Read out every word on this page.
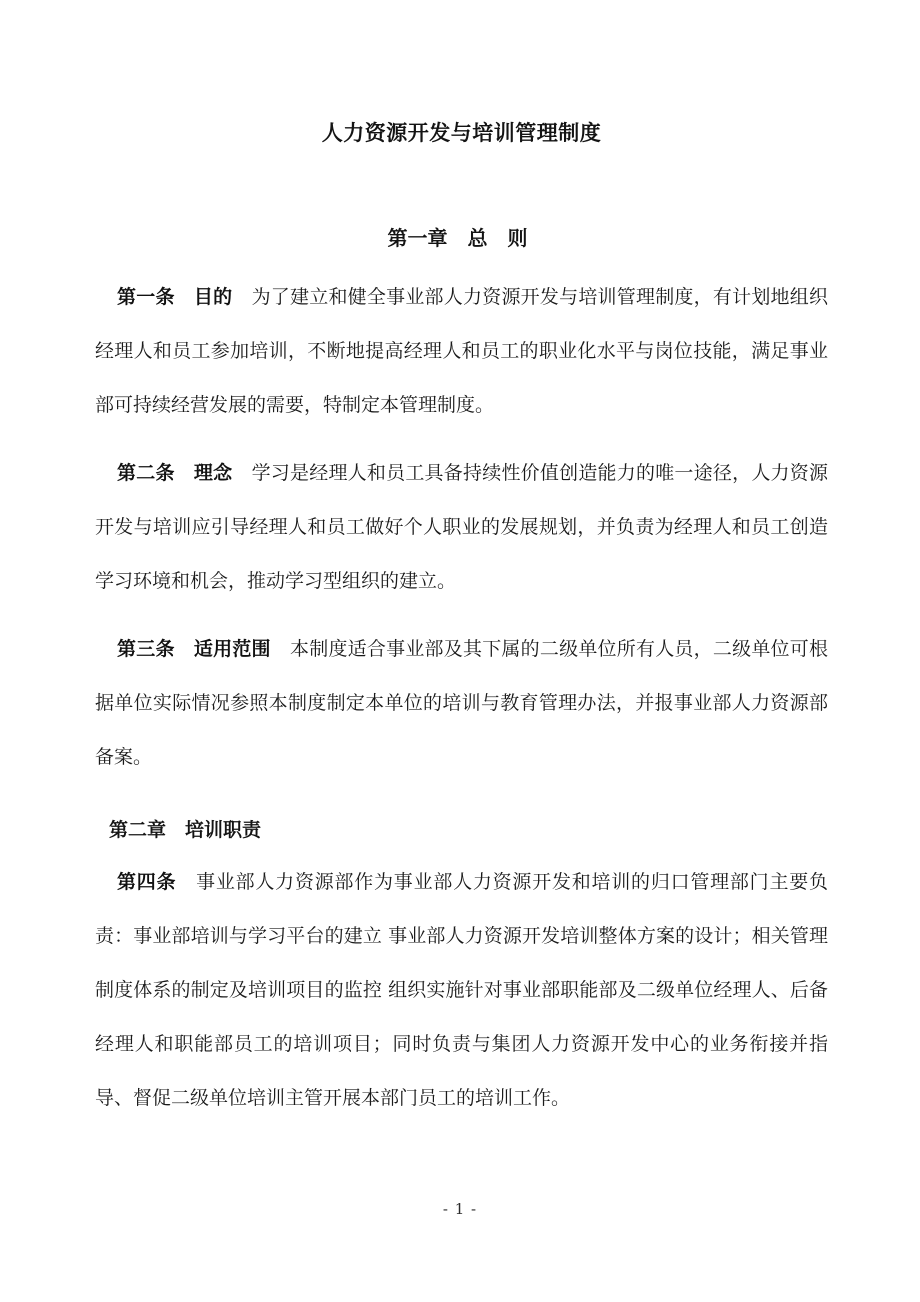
人力资源开发与培训管理制度
第一章　总　则

第一条　目的　为了建立和健全事业部人力资源开发与培训管理制度，有计划地组织经理人和员工参加培训，不断地提高经理人和员工的职业化水平与岗位技能，满足事业部可持续经营发展的需要，特制定本管理制度。

第二条　理念　学习是经理人和员工具备持续性价值创造能力的唯一途径，人力资源开发与培训应引导经理人和员工做好个人职业的发展规划，并负责为经理人和员工创造学习环境和机会，推动学习型组织的建立。

第三条　适用范围　本制度适合事业部及其下属的二级单位所有人员，二级单位可根据单位实际情况参照本制度制定本单位的培训与教育管理办法，并报事业部人力资源部备案。

第二章　培训职责

第四条　事业部人力资源部作为事业部人力资源开发和培训的归口管理部门主要负责：事业部培训与学习平台的建立 事业部人力资源开发培训整体方案的设计；相关管理制度体系的制定及培训项目的监控 组织实施针对事业部职能部及二级单位经理人、后备经理人和职能部员工的培训项目；同时负责与集团人力资源开发中心的业务衔接并指导、督促二级单位培训主管开展本部门员工的培训工作。

- 1 -
